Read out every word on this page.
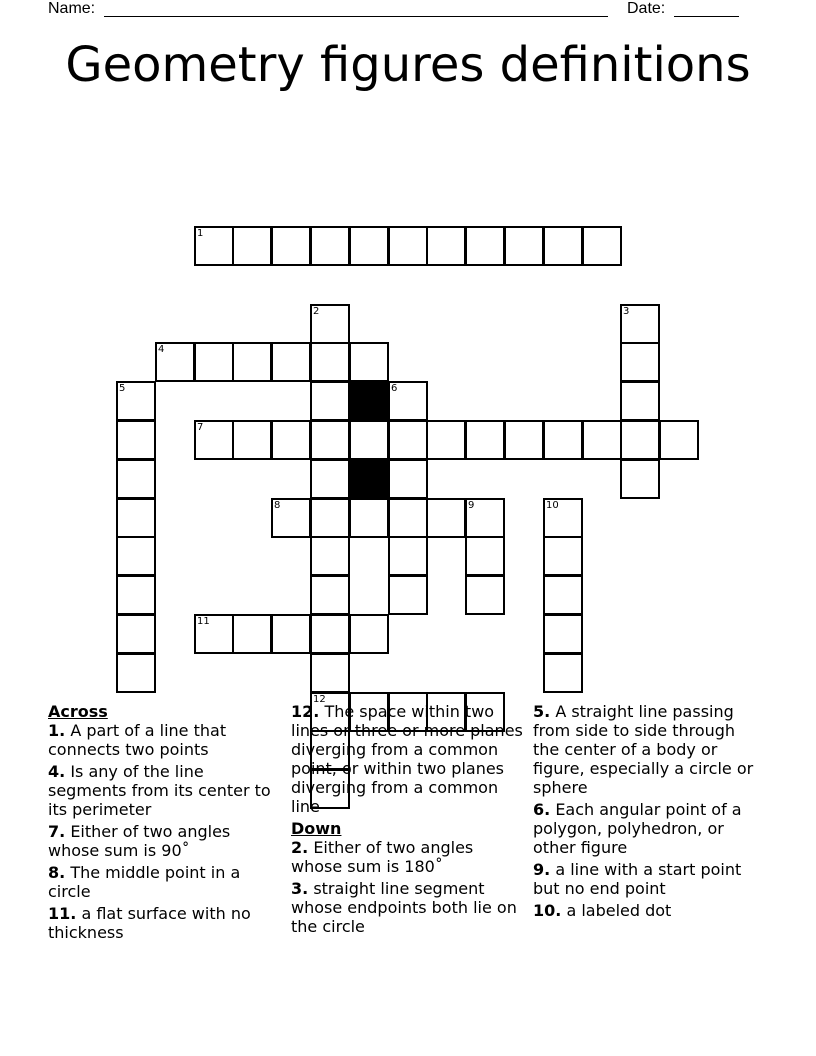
Name:	Date:
Geometry figures definitions
1
2	3
4
5	6
7
8	9	10
11
12

Across

1. A part of a line that connects two points

4. Is any of the line segments from its center to its perimeter

7. Either of two angles whose sum is 90˚

8. The middle point in a circle

11. a flat surface with no thickness

12. The space within two lines or three or more planes diverging from a common point, or within two planes diverging from a common line

Down

2. Either of two angles whose sum is 180˚

3. straight line segment whose endpoints both lie on the circle

5. A straight line passing from side to side through the center of a body or figure, especially a circle or sphere

6. Each angular point of a polygon, polyhedron, or other figure

9. a line with a start point but no end point

10. a labeled dot
